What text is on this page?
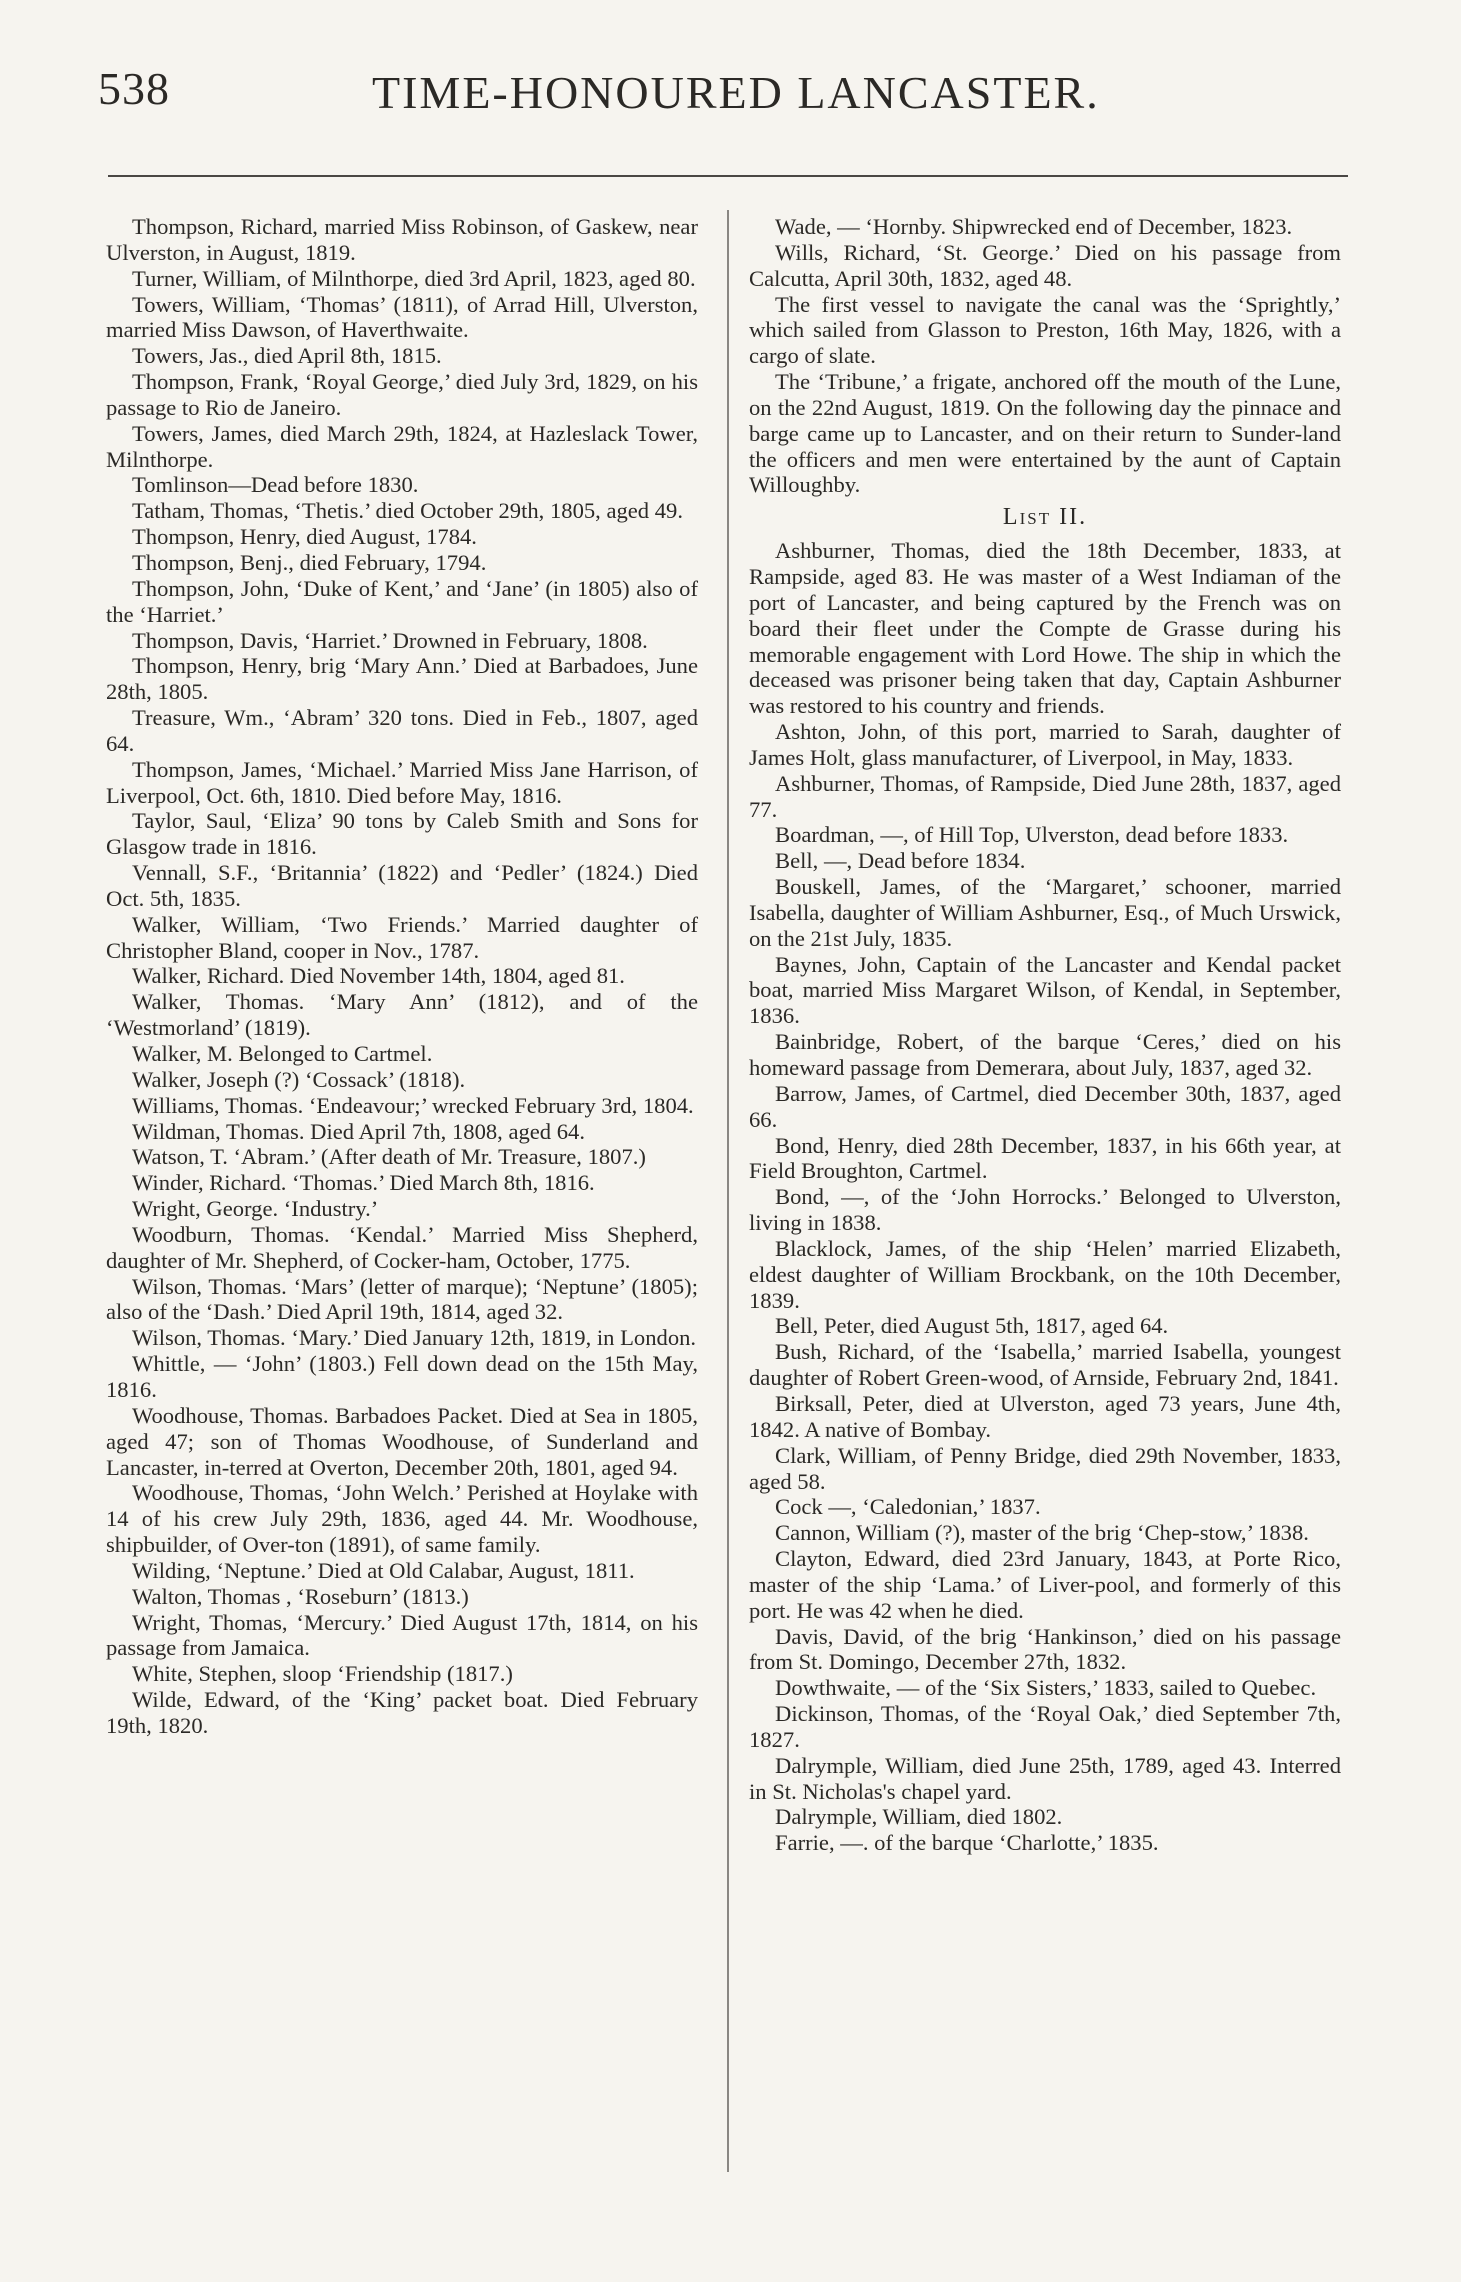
538	TIME-HONOURED LANCASTER.

Thompson, Richard, married Miss Robinson, of Gaskew, near Ulverston, in August, 1819.

Turner, William, of Milnthorpe, died 3rd April, 1823, aged 80.

Towers, William, ‘Thomas’ (1811), of Arrad Hill, Ulverston, married Miss Dawson, of Haverthwaite.

Towers, Jas., died April 8th, 1815.

Thompson, Frank, ‘Royal George,’ died July 3rd, 1829, on his passage to Rio de Janeiro.

Towers, James, died March 29th, 1824, at Hazleslack Tower, Milnthorpe.

Tomlinson—Dead before 1830.

Tatham, Thomas, ‘Thetis.’ died October 29th, 1805, aged 49.

Thompson, Henry, died August, 1784.

Thompson, Benj., died February, 1794.

Thompson, John, ‘Duke of Kent,’ and ‘Jane’ (in 1805) also of the ‘Harriet.’

Thompson, Davis, ‘Harriet.’ Drowned in February, 1808.

Thompson, Henry, brig ‘Mary Ann.’ Died at Barbadoes, June 28th, 1805.

Treasure, Wm., ‘Abram’ 320 tons. Died in Feb., 1807, aged 64.

Thompson, James, ‘Michael.’ Married Miss Jane Harrison, of Liverpool, Oct. 6th, 1810. Died before May, 1816.

Taylor, Saul, ‘Eliza’ 90 tons by Caleb Smith and Sons for Glasgow trade in 1816.

Vennall, S.F., ‘Britannia’ (1822) and ‘Pedler’ (1824.) Died Oct. 5th, 1835.

Walker, William, ‘Two Friends.’ Married daughter of Christopher Bland, cooper in Nov., 1787.

Walker, Richard. Died November 14th, 1804, aged 81.

Walker, Thomas. ‘Mary Ann’ (1812), and of the ‘Westmorland’ (1819).

Walker, M. Belonged to Cartmel.

Walker, Joseph (?) ‘Cossack’ (1818).

Williams, Thomas. ‘Endeavour;’ wrecked February 3rd, 1804.

Wildman, Thomas. Died April 7th, 1808, aged 64.

Watson, T. ‘Abram.’ (After death of Mr. Treasure, 1807.)

Winder, Richard. ‘Thomas.’ Died March 8th, 1816.

Wright, George. ‘Industry.’

Woodburn, Thomas. ‘Kendal.’ Married Miss Shepherd, daughter of Mr. Shepherd, of Cocker-ham, October, 1775.

Wilson, Thomas. ‘Mars’ (letter of marque); ‘Neptune’ (1805); also of the ‘Dash.’ Died April 19th, 1814, aged 32.

Wilson, Thomas. ‘Mary.’ Died January 12th, 1819, in London.

Whittle, — ‘John’ (1803.) Fell down dead on the 15th May, 1816.

Woodhouse, Thomas. Barbadoes Packet. Died at Sea in 1805, aged 47; son of Thomas Woodhouse, of Sunderland and Lancaster, in-terred at Overton, December 20th, 1801, aged 94.

Woodhouse, Thomas, ‘John Welch.’ Perished at Hoylake with 14 of his crew July 29th, 1836, aged 44. Mr. Woodhouse, shipbuilder, of Over-ton (1891), of same family.

Wilding, ‘Neptune.’ Died at Old Calabar, August, 1811.

Walton, Thomas , ‘Roseburn’ (1813.)

Wright, Thomas, ‘Mercury.’ Died August 17th, 1814, on his passage from Jamaica.

White, Stephen, sloop ‘Friendship (1817.)

Wilde, Edward, of the ‘King’ packet boat. Died February 19th, 1820.

Wade, — ‘Hornby. Shipwrecked end of December, 1823.

Wills, Richard, ‘St. George.’ Died on his passage from Calcutta, April 30th, 1832, aged 48.

The first vessel to navigate the canal was the ‘Sprightly,’ which sailed from Glasson to Preston, 16th May, 1826, with a cargo of slate.

The ‘Tribune,’ a frigate, anchored off the mouth of the Lune, on the 22nd August, 1819. On the following day the pinnace and barge came up to Lancaster, and on their return to Sunder-land the officers and men were entertained by the aunt of Captain Willoughby.

List II.

Ashburner, Thomas, died the 18th December, 1833, at Rampside, aged 83. He was master of a West Indiaman of the port of Lancaster, and being captured by the French was on board their fleet under the Compte de Grasse during his memorable engagement with Lord Howe. The ship in which the deceased was prisoner being taken that day, Captain Ashburner was restored to his country and friends.

Ashton, John, of this port, married to Sarah, daughter of James Holt, glass manufacturer, of Liverpool, in May, 1833.

Ashburner, Thomas, of Rampside, Died June 28th, 1837, aged 77.

Boardman, —, of Hill Top, Ulverston, dead before 1833.

Bell, —, Dead before 1834.

Bouskell, James, of the ‘Margaret,’ schooner, married Isabella, daughter of William Ashburner, Esq., of Much Urswick, on the 21st July, 1835.

Baynes, John, Captain of the Lancaster and Kendal packet boat, married Miss Margaret Wilson, of Kendal, in September, 1836.

Bainbridge, Robert, of the barque ‘Ceres,’ died on his homeward passage from Demerara, about July, 1837, aged 32.

Barrow, James, of Cartmel, died December 30th, 1837, aged 66.

Bond, Henry, died 28th December, 1837, in his 66th year, at Field Broughton, Cartmel.

Bond, —, of the ‘John Horrocks.’ Belonged to Ulverston, living in 1838.

Blacklock, James, of the ship ‘Helen’ married Elizabeth, eldest daughter of William Brockbank, on the 10th December, 1839.

Bell, Peter, died August 5th, 1817, aged 64.

Bush, Richard, of the ‘Isabella,’ married Isabella, youngest daughter of Robert Green-wood, of Arnside, February 2nd, 1841.

Birksall, Peter, died at Ulverston, aged 73 years, June 4th, 1842. A native of Bombay.

Clark, William, of Penny Bridge, died 29th November, 1833, aged 58.

Cock —, ‘Caledonian,’ 1837.

Cannon, William (?), master of the brig ‘Chep-stow,’ 1838.

Clayton, Edward, died 23rd January, 1843, at Porte Rico, master of the ship ‘Lama.’ of Liver-pool, and formerly of this port. He was 42 when he died.

Davis, David, of the brig ‘Hankinson,’ died on his passage from St. Domingo, December 27th, 1832.

Dowthwaite, — of the ‘Six Sisters,’ 1833, sailed to Quebec.

Dickinson, Thomas, of the ‘Royal Oak,’ died September 7th, 1827.

Dalrymple, William, died June 25th, 1789, aged 43. Interred in St. Nicholas's chapel yard.

Dalrymple, William, died 1802.

Farrie, —. of the barque ‘Charlotte,’ 1835.
